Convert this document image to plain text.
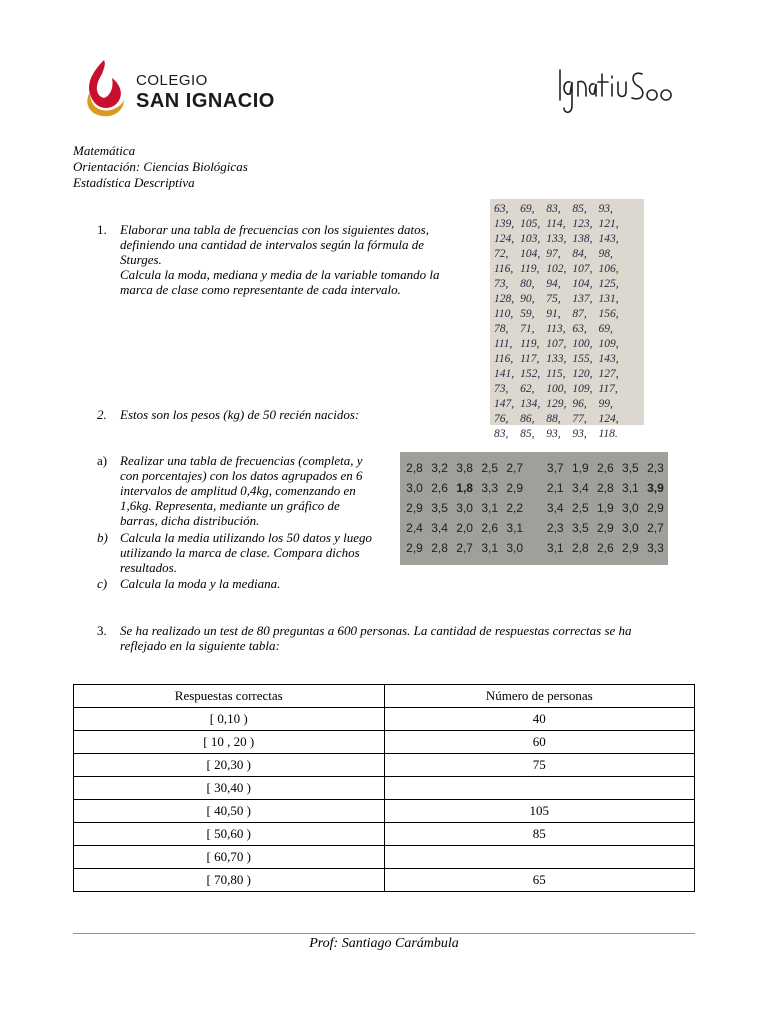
COLEGIO
SAN IGNACIO
Matemática
Orientación: Ciencias Biológicas
Estadística Descriptiva
1. Elaborar una tabla de frecuencias con los siguientes datos,
definiendo una cantidad de intervalos según la fórmula de
Sturges.
Calcula la moda, mediana y media de la variable tomando la
marca de clase como representante de cada intervalo.
63,	69,	83,	85,	93,
139,	105,	114,	123,	121,
124,	103,	133,	138,	143,
72,	104,	97,	84,	98,
116,	119,	102,	107,	106,
73,	80,	94,	104,	125,
128,	90,	75,	137,	131,
110,	59,	91,	87,	156,
78,	71,	113,	63,	69,
111,	119,	107,	100,	109,
116,	117,	133,	155,	143,
141,	152,	115,	120,	127,
73,	62,	100,	109,	117,
147,	134,	129,	96,	99,
76,	86,	88,	77,	124,
83,	85,	93,	93,	118.
2. Estos son los pesos (kg) de 50 recién nacidos:
a) Realizar una tabla de frecuencias (completa, y
con porcentajes) con los datos agrupados en 6
intervalos de amplitud 0,4kg, comenzando en
1,6kg. Representa, mediante un gráfico de
barras, dicha distribución.
b) Calcula la media utilizando los 50 datos y luego
utilizando la marca de clase. Compara dichos
resultados.
c) Calcula la moda y la mediana.
2,8	3,2	3,8	2,5	2,7		3,7	1,9	2,6	3,5	2,3
3,0	2,6	1,8	3,3	2,9		2,1	3,4	2,8	3,1	3,9
2,9	3,5	3,0	3,1	2,2		3,4	2,5	1,9	3,0	2,9
2,4	3,4	2,0	2,6	3,1		2,3	3,5	2,9	3,0	2,7
2,9	2,8	2,7	3,1	3,0		3,1	2,8	2,6	2,9	3,3
3. Se ha realizado un test de 80 preguntas a 600 personas. La cantidad de respuestas correctas se ha
reflejado en la siguiente tabla:
Respuestas correctas	Número de personas
[ 0,10 )	40
[ 10 , 20 )	60
[ 20,30 )	75
[ 30,40 )	
[ 40,50 )	105
[ 50,60 )	85
[ 60,70 )	
[ 70,80 )	65
Prof: Santiago Carámbula
